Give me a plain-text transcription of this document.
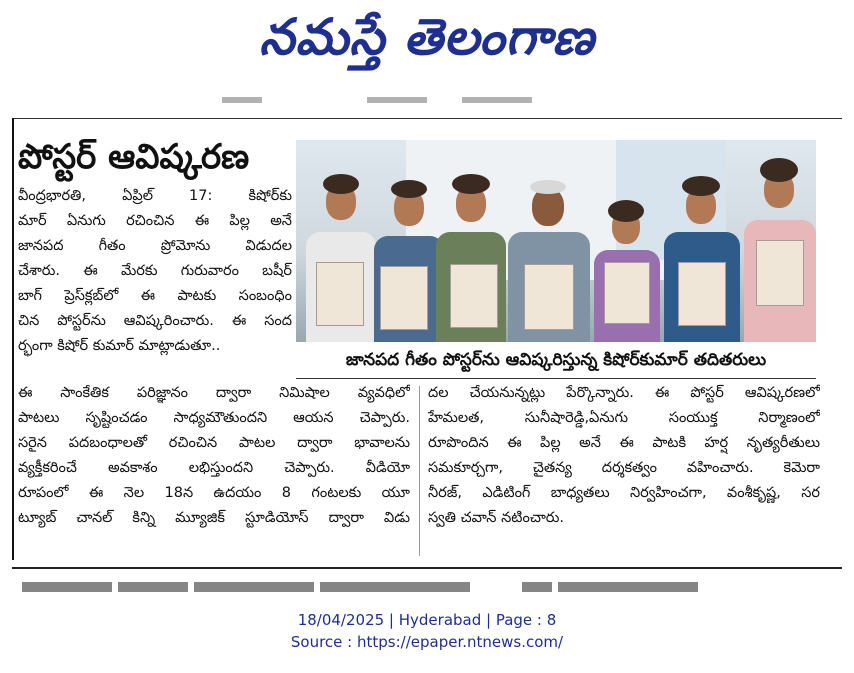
నమస్తే తెలంగాణ

పోస్టర్ ఆవిష్కరణ
జానపద గీతం పోస్టర్‌ను ఆవిష్కరిస్తున్న కిషోర్‌కుమార్ తదితరులు
వీంద్రభారతి, ఏప్రిల్ 17: కిషోర్‌కు
మార్ ఏనుగు రచించిన ఈ పిల్ల అనే
జానపద గీతం ప్రోమోను విడుదల
చేశారు. ఈ మేరకు గురువారం బషీర్
బాగ్ ప్రెస్‌క్లబ్‌లో ఈ పాటకు సంబంధిం
చిన పోస్టర్‌ను ఆవిష్కరించారు. ఈ సంద
ర్భంగా కిషోర్ కుమార్ మాట్లాడుతూ..
ఈ సాంకేతిక పరిజ్ఞానం ద్వారా నిమిషాల వ్యవధిలో
పాటలు సృష్టించడం సాధ్యమౌతుందని ఆయన చెప్పారు.
సరైన పదబంధాలతో రచించిన పాటల ద్వారా భావాలను
వ్యక్తీకరించే అవకాశం లభిస్తుందని చెప్పారు. వీడియో
రూపంలో ఈ నెల 18న ఉదయం 8 గంటలకు యూ
ట్యూబ్ చానల్ కిన్ని మ్యూజిక్ స్టూడియోస్ ద్వారా విడు
దల చేయనున్నట్లు పేర్కొన్నారు. ఈ పోస్టర్ ఆవిష్కరణలో
హేమలత, సునీషారెడ్డి,ఏనుగు సంయుక్త నిర్మాణంలో
రూపొందిన ఈ పిల్ల అనే ఈ పాటకి హర్ష నృత్యరీతులు
సమకూర్చగా, చైతన్య దర్శకత్వం వహించారు. కెమెరా
నీరజ్, ఎడిటింగ్ బాధ్యతలు నిర్వహించగా, వంశీకృష్ణ, సర
స్వతి చవాన్ నటించారు.

18/04/2025 | Hyderabad | Page : 8
Source : https://epaper.ntnews.com/
